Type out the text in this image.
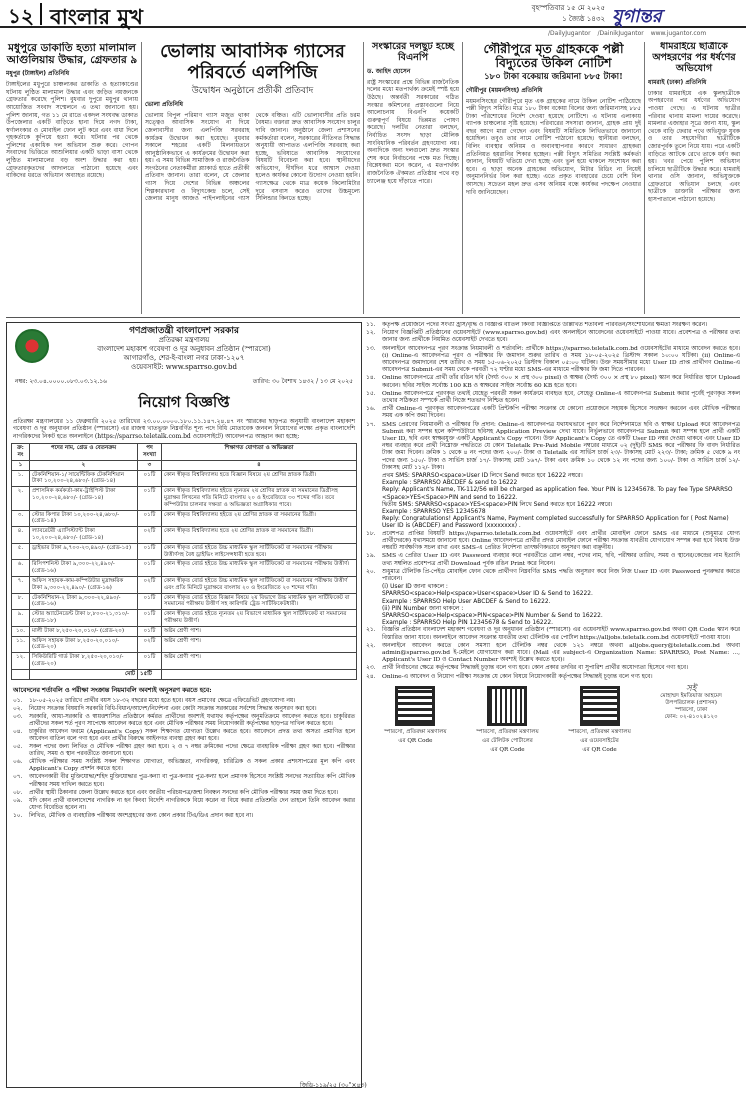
১২ বাংলার মুখ	বৃহস্পতিবার ১৫ মে ২০২৫
১ জ্যৈষ্ঠ ১৪৩২ যুগান্তর
/DailyJugantor /DainikJugantor www.jugantor.com
মধুপুরে ডাকাতি হত্যা মালামাল আগুলিয়ায় উদ্ধার, গ্রেফতার ৯
মধুপুর (টাঙ্গাইল) প্রতিনিধি
টাঙ্গাইলের মধুপুরে চাঞ্চল্যকর ডাকাতি ও হত্যাকাণ্ডের ঘটনায় লুণ্ঠিত মালামাল উদ্ধার এবং জড়িত নয়জনকে গ্রেফতার করেছে পুলিশ। বুধবার দুপুরে মধুপুর থানায় আয়োজিত সংবাদ সম্মেলনে এ তথ্য জানানো হয়। পুলিশ জানায়, গত ১১ মে রাতে একদল সংঘবদ্ধ ডাকাত উপজেলার একটি বাড়িতে হানা দিয়ে নগদ টাকা, স্বর্ণালংকার ও মোবাইল ফোন লুট করে এবং বাধা দিলে গৃহকর্তাকে কুপিয়ে হত্যা করে। ঘটনার পর থেকে পুলিশের একাধিক দল অভিযান শুরু করে। গোপন সংবাদের ভিত্তিতে আশুলিয়ার একটি ভাড়া বাসা থেকে লুণ্ঠিত মালামালের বড় অংশ উদ্ধার করা হয়। গ্রেফতারকৃতদের আদালতে পাঠানো হয়েছে এবং বাকিদের ধরতে অভিযান অব্যাহত রয়েছে।
ভোলায় আবাসিক গ্যাসের পরিবর্তে এলপিজি
উদ্বোধন অনুষ্ঠানে প্রতীকী প্রতিবাদ
ভোলা প্রতিনিধি
ভোলায় বিপুল পরিমাণ গ্যাস মজুত থাকা সত্ত্বেও আবাসিক সংযোগ না দিয়ে জেলাবাসীর জন্য এলপিজি সরবরাহ কার্যক্রম উদ্বোধন করা হয়েছে। বুধবার সকালে শহরের একটি মিলনায়তনে আনুষ্ঠানিকভাবে এ কার্যক্রমের উদ্বোধন করা হয়। এ সময় বিভিন্ন সামাজিক ও রাজনৈতিক সংগঠনের নেতাকর্মীরা প্ল্যাকার্ড হাতে প্রতীকী প্রতিবাদ জানান। তারা বলেন, যে জেলার গ্যাস দিয়ে দেশের বিভিন্ন অঞ্চলের শিল্পকারখানা ও বিদ্যুৎকেন্দ্র চলে, সেই জেলার মানুষ আজও পাইপলাইনের গ্যাস থেকে বঞ্চিত। এটি ভোলাবাসীর প্রতি চরম বৈষম্য। বক্তারা দ্রুত আবাসিক সংযোগ চালুর দাবি জানান। অনুষ্ঠানে জেলা প্রশাসনের কর্মকর্তারা বলেন, সরকারের নীতিগত সিদ্ধান্ত অনুযায়ী আপাতত এলপিজি সরবরাহ করা হচ্ছে, ভবিষ্যতে আবাসিক সংযোগের বিষয়টি বিবেচনা করা হবে। স্থানীয়দের অভিযোগ, দীর্ঘদিন ধরে আশ্বাস দেওয়া হলেও কার্যকর কোনো উদ্যোগ নেওয়া হয়নি। গ্যাসক্ষেত্র থেকে মাত্র কয়েক কিলোমিটার দূরে বসবাস করেও তাদের উচ্চমূল্যে সিলিন্ডার কিনতে হচ্ছে।
সংস্কারের দলছুট হচ্ছে বিএনপি
ড. জাহিদ হোসেন
রাষ্ট্র সংস্কারের প্রশ্নে বিভিন্ন রাজনৈতিক দলের মধ্যে মতপার্থক্য ক্রমেই স্পষ্ট হয়ে উঠছে। অন্তর্বর্তী সরকারের গঠিত সংস্কার কমিশনের প্রস্তাবগুলো নিয়ে আলোচনায় বিএনপি কয়েকটি গুরুত্বপূর্ণ বিষয়ে ভিন্নমত পোষণ করেছে। দলটির নেতারা বলছেন, নির্বাচিত সংসদ ছাড়া মৌলিক সাংবিধানিক পরিবর্তন গ্রহণযোগ্য নয়। অন্যদিকে অন্য দলগুলো দ্রুত সংস্কার শেষ করে নির্বাচনের পক্ষে মত দিচ্ছে। বিশ্লেষকরা মনে করেন, এ মতপার্থক্য রাজনৈতিক ঐকমত্য প্রতিষ্ঠার পথে বড় চ্যালেঞ্জ হয়ে দাঁড়াতে পারে।
গৌরীপুরে মৃত গ্রাহককে পল্লী বিদ্যুতের উকিল নোটিশ
১৮০ টাকা বকেয়ায় জরিমানা ৮৮৫ টাকা!
গৌরীপুর (ময়মনসিংহ) প্রতিনিধি
ময়মনসিংহের গৌরীপুরে মৃত এক গ্রাহকের নামে উকিল নোটিশ পাঠিয়েছে পল্লী বিদ্যুৎ সমিতি। মাত্র ১৮০ টাকা বকেয়া বিলের জন্য জরিমানাসহ ৮৮৫ টাকা পরিশোধের নির্দেশ দেওয়া হয়েছে নোটিশে। এ ঘটনায় এলাকায় ব্যাপক চাঞ্চল্যের সৃষ্টি হয়েছে। পরিবারের সদস্যরা জানান, গ্রাহক প্রায় দুই বছর আগে মারা গেছেন এবং বিষয়টি সমিতিকে লিখিতভাবে জানানো হয়েছিল। তবুও তার নামে নোটিশ পাঠানো হয়েছে। স্থানীয়রা বলছেন, বিলিং ব্যবস্থার অনিয়ম ও অব্যবস্থাপনার কারণে সাধারণ গ্রাহকরা প্রতিনিয়ত হয়রানির শিকার হচ্ছেন। পল্লী বিদ্যুৎ সমিতির সংশ্লিষ্ট কর্মকর্তা জানান, বিষয়টি খতিয়ে দেখা হচ্ছে এবং ভুল হয়ে থাকলে সংশোধন করা হবে। এ ছাড়া অনেক গ্রাহকের অভিযোগ, মিটার রিডিং না নিয়েই অনুমাননির্ভর বিল করা হচ্ছে। এতে প্রকৃত ব্যবহারের চেয়ে বেশি বিল আসছে। সচেতন মহল দ্রুত এসব অনিয়ম বন্ধে কার্যকর পদক্ষেপ নেওয়ার দাবি জানিয়েছেন।
ধামরাইয়ে ছাত্রীকে অপহরণের পর ধর্ষণের অভিযোগ
ধামরাই (ঢাকা) প্রতিনিধি
ঢাকার ধামরাইয়ে এক স্কুলছাত্রীকে অপহরণের পর ধর্ষণের অভিযোগ পাওয়া গেছে। এ ঘটনায় ছাত্রীর পরিবার থানায় মামলা দায়ের করেছে। মামলার এজাহার সূত্রে জানা যায়, স্কুল থেকে বাড়ি ফেরার পথে অভিযুক্ত যুবক ও তার সহযোগীরা ছাত্রীটিকে জোরপূর্বক তুলে নিয়ে যায়। পরে একটি বাড়িতে আটকে রেখে তাকে ধর্ষণ করা হয়। খবর পেয়ে পুলিশ অভিযান চালিয়ে ছাত্রীটিকে উদ্ধার করে। ধামরাই থানার ওসি জানান, অভিযুক্তকে গ্রেফতারে অভিযান চলছে এবং ছাত্রীকে ডাক্তারি পরীক্ষার জন্য হাসপাতালে পাঠানো হয়েছে।
গণপ্রজাতন্ত্রী বাংলাদেশ সরকার
প্রতিরক্ষা মন্ত্রণালয়
বাংলাদেশ মহাকাশ গবেষণা ও দূর অনুধাবন প্রতিষ্ঠান (স্পারসো)
আগারগাঁও, শের-ই-বাংলা নগর ঢাকা-১২০৭
ওয়েবসাইট: www.sparrso.gov.bd
নম্বর: ২৩.০৪.০০০০.০৮৩.০৩.১২.১৬	তারিখ: ৩০ বৈশাখ ১৪৩২ / ১৩ মে ২০২৫
নিয়োগ বিজ্ঞপ্তি
প্রতিরক্ষা মন্ত্রণালয়ের ১১ ফেব্রুয়ারি ২০২৫ তারিখের ২৩.০০.০০০০.১৮০.১১.১৪৭.২৪.৪৭ নং স্মারকের ছাড়পত্র অনুযায়ী বাংলাদেশ মহাকাশ গবেষণা ও দূর অনুধাবন প্রতিষ্ঠান (স্পারসো) এর রাজস্ব খাতভুক্ত নিম্নবর্ণিত শূন্য পদে বিধি মোতাবেক জনবল নিয়োগের লক্ষ্যে প্রকৃত বাংলাদেশি নাগরিকদের নিকট হতে অনলাইনে (https://sparrso.teletalk.com.bd ওয়েবসাইটে) আবেদনপত্র আহ্বান করা হচ্ছে:
ক্র: নং	পদের নাম, গ্রেড ও বেতনক্রম	পদ সংখ্যা	শিক্ষাগত যোগ্যতা ও অভিজ্ঞতা
১	২	৩	৪
১.	টেকনিশিয়ান-১/ সায়েন্টিফিক টেকনিশিয়ান টাকা ১০,২০০-২৪,৬৮০/- (গ্রেড-১৪)	০১টি	কোন স্বীকৃত বিশ্ববিদ্যালয় হতে বিজ্ঞান বিষয়ে ২য় শ্রেণির স্নাতক ডিগ্রী।
২.	প্রশাসনিক কর্মকর্তা-কাম-ট্রাইপিস্ট টাকা ১০,২০০-২৪,৬৮০/- (গ্রেড-১৪)	০১টি	কোন স্বীকৃত বিশ্ববিদ্যালয় হইতে ন্যূনতম ২য় শ্রেণির স্নাতক বা সমমানের ডিগ্রীসহ মুদ্রাক্ষর লিখনের গতি মিনিটে বাংলায় ২০ ও ইংরেজিতে ৩০ শব্দের গতি। তবে কম্পিউটার চালনার দক্ষতা ও অভিজ্ঞতা অগ্রাধিকার পাবে।
৩.	স্টোর কিপার টাকা ১০,২০০-২৪,৬৮০/- (গ্রেড-১৪)	০১টি	কোন স্বীকৃত বিশ্ববিদ্যালয় হইতে ২য় শ্রেণির স্নাতক বা সমমানের ডিগ্রী।
৪.	ল্যাবরেটরী এ্যাসিস্ট্যান্ট টাকা ১০,২০০-২৪,৬৮০/- (গ্রেড-১৪)	০২টি	কোন স্বীকৃত বিশ্ববিদ্যালয় হতে ২য় শ্রেণির স্নাতক বা সমমানের ডিগ্রী।
৫.	ড্রাইভার টাকা ৯,৭০০-২৩,৪৯০/- (গ্রেড-১৫)	০১টি	কোন স্বীকৃত বোর্ড হইতে উচ্চ মাধ্যমিক স্কুল সার্টিফিকেট বা সমমানের পরীক্ষায় উত্তীর্ণসহ বৈধ ড্রাইভিং লাইসেন্সধারী হতে হবে।
৬.	রিসিপশনিস্ট টাকা ৯,৩০০-২২,৪৯০/- (গ্রেড-১৬)	০১টি	কোন স্বীকৃত বোর্ড হইতে উচ্চ মাধ্যমিক স্কুল সার্টিফিকেট বা সমমানের পরীক্ষায় উত্তীর্ণ।
৭.	অফিস সহায়ক-কাম-কম্পিউটার মুদ্রাক্ষরিক টাকা ৯,৩০০-২২,৪৯০/- (গ্রেড-১৬)	০২টি	কোন স্বীকৃত বোর্ড হইতে উচ্চ মাধ্যমিক স্কুল সার্টিফিকেট বা সমমানের পরীক্ষায় উত্তীর্ণ এবং প্রতি মিনিটে মুদ্রাক্ষরে বাংলায় ২০ ও ইংরেজিতে ২০ শব্দের গতি।
৮.	টেকনিশিয়ান-২ টাকা ৯,৩০০-২২,৪৯০/- (গ্রেড-১৬)	০১টি	কোন স্বীকৃত বোর্ড হইতে বিজ্ঞান বিষয়ে ২য় বিভাগে উচ্চ মাধ্যমিক স্কুল সার্টিফিকেট বা সমমানের পরীক্ষায় উত্তীর্ণ সহ কারিগরি ট্রেড সার্টিফিকেটধারী।
৯.	স্টোর অ্যাটেনডেন্ট টাকা ৮,৮০০-২১,৩১০/- (গ্রেড-১৮)	০১টি	কোন স্বীকৃত বোর্ড হইতে ন্যূনতম ২য় বিভাগে মাধ্যমিক স্কুল সার্টিফিকেট বা সমমানের পরীক্ষায় উত্তীর্ণ।
১০.	মালী টাকা ৮,২৫০-২০,০১০/- (গ্রেড-২০)	০১টি	অষ্টম শ্রেণী পাশ।
১১.	অফিস সহায়ক টাকা ৮,২৫০-২০,০১০/- (গ্রেড-২০)	০২টি	অষ্টম শ্রেণী পাশ।
১২.	সিকিউরিটি গার্ড টাকা ৮,২৫০-২০,০১০/- (গ্রেড-২০)	০১টি	অষ্টম শ্রেণী পাশ।
	মোট	১৫টি	
আবেদনের শর্তাবলি ও পরীক্ষা সংক্রান্ত নিয়মাবলি অবশ্যই অনুসরণ করতে হবে:
০১.	১৮-০৫-২০২৫ তারিখে প্রার্থীর বয়স ১৮-৩২ বছরের মধ্যে হতে হবে। বয়স প্রমাণের ক্ষেত্রে এফিডেভিট গ্রহণযোগ্য নয়।
০২.	নিয়োগ সংক্রান্ত বিষয়াদি সরকারি বিধি-বিধান/আদেশ/নির্দেশনা এবং কোটা সংক্রান্ত সরকারের সর্বশেষ সিদ্ধান্ত অনুসরণ করা হবে।
০৩.	সরকারি, আধা-সরকারি ও স্বায়ত্তশাসিত প্রতিষ্ঠানে কর্মরত প্রার্থীদের অবশ্যই যথাযথ কর্তৃপক্ষের অনুমতিক্রমে আবেদন করতে হবে। চাকুরিরত প্রার্থীদের সকল শর্ত পূরণ সাপেক্ষে আবেদন করতে হবে এবং মৌখিক পরীক্ষার সময় নিয়োগকারী কর্তৃপক্ষের ছাড়পত্র দাখিল করতে হবে।
০৪.	চাকুরির আবেদন ফরমে (Applicant's Copy) সকল শিক্ষাগত যোগ্যতা উল্লেখ করতে হবে। আবেদনে প্রদত্ত তথ্য অসত্য প্রমাণিত হলে আবেদন বাতিল বলে গণ্য হবে এবং প্রার্থীর বিরুদ্ধে আইনগত ব্যবস্থা গ্রহণ করা হবে।
০৫.	সকল পদের জন্য লিখিত ও মৌখিক পরীক্ষা গ্রহণ করা হবে। ২ ও ৭ নম্বর ক্রমিকের পদের ক্ষেত্রে ব্যবহারিক পরীক্ষা গ্রহণ করা হবে। পরীক্ষার তারিখ, সময় ও স্থান পরবর্তীতে জানানো হবে।
০৬.	মৌখিক পরীক্ষার সময় সংশ্লিষ্ট সকল শিক্ষাগত যোগ্যতা, অভিজ্ঞতা, নাগরিকত্ব, চারিত্রিক ও সকল প্রকার প্রশংসাপত্রের মূল কপি এবং Applicant's Copy প্রদর্শন করতে হবে।
০৭.	আবেদনকারী বীর মুক্তিযোদ্ধা/শহিদ মুক্তিযোদ্ধার পুত্র-কন্যা বা পুত্র-কন্যার পুত্র-কন্যা হলে প্রমাণক হিসেবে সংশ্লিষ্ট সনদের সত্যায়িত কপি মৌখিক পরীক্ষার সময় দাখিল করতে হবে।
০৮.	প্রার্থীর স্থায়ী ঠিকানার জেলা উল্লেখ করতে হবে এবং জাতীয় পরিচয়পত্র/জন্ম নিবন্ধন সনদের কপি মৌখিক পরীক্ষার সময় জমা দিতে হবে।
০৯.	যদি কোন প্রার্থী বাংলাদেশের নাগরিক না হন কিংবা বিদেশি নাগরিককে বিয়ে করেন বা বিয়ে করার প্রতিশ্রুতি দেন তাহলে তিনি আবেদন করার যোগ্য বিবেচিত হবেন না।
১০.	লিখিত, মৌখিক ও ব্যবহারিক পরীক্ষায় অংশগ্রহণের জন্য কোন প্রকার টিএ/ডিএ প্রদান করা হবে না।
১১.	কর্তৃপক্ষ প্রয়োজনে পদের সংখ্যা হ্রাস/বৃদ্ধি ও বিজ্ঞপ্তি বাতিল কিংবা বিজ্ঞপ্তিতে উল্লিখিত শর্তাবলী পরিবর্তন/সংশোধনের ক্ষমতা সংরক্ষণ করেন।
১২.	নিয়োগ বিজ্ঞপ্তিটি প্রতিষ্ঠানের ওয়েবসাইটে (www.sparrso.gov.bd) এবং অনলাইনে আবেদনের ওয়েবসাইটে পাওয়া যাবে। প্রবেশপত্র ও পরীক্ষার তথ্য জানার জন্য প্রার্থীকে নিয়মিত ওয়েবসাইট দেখতে হবে।
১৩.	অনলাইনে আবেদনপত্র পূরণ সংক্রান্ত নিয়মাবলী ও শর্তাবলি: প্রার্থীকে https://sparrso.teletalk.com.bd ওয়েবসাইটের মাধ্যমে আবেদন করতে হবে। (i) Online-এ আবেদনপত্র পূরণ ও পরীক্ষার ফি জমাদান শুরুর তারিখ ও সময় ১৮-০৫-২০২৫ খ্রিস্টাব্দ সকাল ১০:০০ ঘটিকা। (ii) Online-এ আবেদনপত্র জমাদানের শেষ তারিখ ও সময় ১৫-০৬-২০২৫ খ্রিস্টাব্দ বিকাল ০৫:০০ ঘটিকা। উক্ত সময়সীমার মধ্যে User ID প্রাপ্ত প্রার্থীগণ Online-এ আবেদনপত্র Submit-এর সময় থেকে পরবর্তী ৭২ ঘণ্টার মধ্যে SMS-এর মাধ্যমে পরীক্ষার ফি জমা দিতে পারবেন।
১৪.	Online আবেদনপত্রে প্রার্থী তাঁর রঙিন ছবি (দৈর্ঘ্য ৩০০ × প্রস্থ ৩০০ pixel) ও স্বাক্ষর (দৈর্ঘ্য ৩০০ × প্রস্থ ৮০ pixel) স্ক্যান করে নির্ধারিত স্থানে Upload করবেন। ছবির সাইজ সর্বোচ্চ 100 KB ও স্বাক্ষরের সাইজ সর্বোচ্চ 60 KB হতে হবে।
১৫.	Online আবেদনপত্রে পূরণকৃত তথ্যই যেহেতু পরবর্তী সকল কার্যক্রমে ব্যবহৃত হবে, সেহেতু Online-এ আবেদনপত্র Submit করার পূর্বেই পূরণকৃত সকল তথ্যের সঠিকতা সম্পর্কে প্রার্থী নিজে শতভাগ নিশ্চিত হবেন।
১৬.	প্রার্থী Online-এ পূরণকৃত আবেদনপত্রের একটি প্রিন্টকপি পরীক্ষা সংক্রান্ত যে কোনো প্রয়োজনে সহায়ক হিসেবে সংরক্ষণ করবেন এবং মৌখিক পরীক্ষার সময় এক কপি জমা দিবেন।
১৭.	SMS প্রেরণের নিয়মাবলী ও পরীক্ষার ফি প্রদান: Online-এ আবেদনপত্র যথাযথভাবে পূরণ করে নির্দেশনামতে ছবি ও স্বাক্ষর Upload করে আবেদনপত্র Submit করা সম্পন্ন হলে কম্পিউটারে ছবিসহ Application Preview দেখা যাবে। নির্ভুলভাবে আবেদনপত্র Submit করা সম্পন্ন হলে প্রার্থী একটি User ID, ছবি এবং স্বাক্ষরযুক্ত একটি Applicant's Copy পাবেন। উক্ত Applicant's Copy তে একটি User ID নম্বর দেওয়া থাকবে এবং User ID নম্বর ব্যবহার করে প্রার্থী নিম্নোক্ত পদ্ধতিতে যে কোন Teletalk Pre-Paid Mobile নম্বরের মাধ্যমে ০২ (দুই)টি SMS করে পরীক্ষার ফি বাবদ নির্ধারিত টাকা জমা দিবেন। ক্রমিক ১ থেকে ৪ নং পদের জন্য ২০০/- টাকা ও Teletalk এর সার্ভিস চার্জ ২৩/- টাকাসহ মোট ২২৩/- টাকা; ক্রমিক ৫ থেকে ৯ নং পদের জন্য ১৫০/- টাকা ও সার্ভিস চার্জ ১৭/- টাকাসহ মোট ১৬৭/- টাকা এবং ক্রমিক ১০ থেকে ১২ নং পদের জন্য ১০০/- টাকা ও সার্ভিস চার্জ ১২/- টাকাসহ মোট ১১২/- টাকা।
প্রথম SMS: SPARRSO<space>User ID লিখে Send করতে হবে 16222 নম্বরে।
Example : SPARRSO ABCDEF & send to 16222
Reply: Applicant's Name, TK-112/56 will be charged as application fee. Your PIN is 12345678. To pay fee Type SPARRSO <Space>YES<Space>PIN and send to 16222.
দ্বিতীয় SMS: SPARRSO<space>YES<space>PIN লিখে Send করতে হবে 16222 নম্বরে।
Example : SPARRSO YES 12345678
Reply: Congratulations! Applicant's Name, Payment completed successfully for SPARRSO Application for ( Post Name) User ID is (ABCDEF) and Password (xxxxxxxx) .
১৮.	প্রবেশপত্র প্রাপ্তির বিষয়টি https://sparrso.teletalk.com.bd ওয়েবসাইটে এবং প্রার্থীর মোবাইল ফোনে SMS এর মাধ্যমে (শুধুমাত্র যোগ্য প্রার্থীদেরকে) যথাসময়ে জানানো হবে। Online আবেদনপত্রে প্রার্থীর প্রদত্ত মোবাইল ফোনে পরীক্ষা সংক্রান্ত যাবতীয় যোগাযোগ সম্পন্ন করা হবে বিধায় উক্ত নম্বরটি সার্বক্ষণিক সচল রাখা এবং SMS-এ প্রেরিত নির্দেশনা তাৎক্ষণিকভাবে অনুসরণ করা বাঞ্ছনীয়।
১৯.	SMS এ প্রেরিত User ID এবং Password ব্যবহার করে পরবর্তীতে রোল নম্বর, পদের নাম, ছবি, পরীক্ষার তারিখ, সময় ও স্থানের/কেন্দ্রের নাম ইত্যাদি তথ্য সম্বলিত প্রবেশপত্র প্রার্থী Download পূর্বক রঙিন Print করে নিবেন।
২০.	শুধুমাত্র টেলিটক প্রি-পেইড মোবাইল ফোন থেকে প্রার্থীগণ নিম্নবর্ণিত SMS পদ্ধতি অনুসরণ করে নিজ নিজ User ID এবং Password পুনরুদ্ধার করতে পারবেন।
(i) User ID জানা থাকলে :
SPARRSO<space>Help<space>User<space>User ID & Send to 16222.
Example : SPARRSO Help User ABCDEF & Send to 16222.
(ii) PIN Number জানা থাকলে :
SPARRSO<space>Help<space>PIN<space>PIN Number & Send to 16222.
Example : SPARRSO Help PIN 12345678 & Send to 16222.
২১.	বিজ্ঞপ্তি প্রতিষ্ঠান বাংলাদেশ মহাকাশ গবেষণা ও দূর অনুধাবন প্রতিষ্ঠান (স্পারসো) এর ওয়েবসাইট www.sparrso.gov.bd অথবা QR Code স্ক্যান করে বিস্তারিত জানা যাবে। অনলাইনে আবেদন সংক্রান্ত যাবতীয় তথ্য টেলিটক এর পোর্টাল https://alljobs.teletalk.com.bd ওয়েবসাইটে পাওয়া যাবে।
২২.	অনলাইনে আবেদন করতে কোন সমস্যা হলে টেলিটক নম্বর থেকে ১২১ নম্বরে অথবা alljobs.query@teletalk.com.bd অথবা admin@sparrso.gov.bd ই-মেইলে যোগাযোগ করা যাবে। (Mail এর subject-এ Organization Name: SPARRSO, Post Name: ..., Applicant's User ID ও Contact Number অবশ্যই উল্লেখ করতে হবে)।
২৩.	প্রার্থী নির্বাচনের ক্ষেত্রে কর্তৃপক্ষের সিদ্ধান্তই চূড়ান্ত বলে গণ্য হবে। কোন প্রকার তদবির বা সুপারিশ প্রার্থীর অযোগ্যতা হিসেবে গণ্য হবে।
২৪.	Online-এ আবেদন ও নিয়োগ পরীক্ষা সংক্রান্ত যে কোন বিষয়ে নিয়োগকারী কর্তৃপক্ষের সিদ্ধান্তই চূড়ান্ত বলে গণ্য হবে।
স্পারসো, প্রতিরক্ষা মন্ত্রণালয়
এর QR Code
স্পারসো, প্রতিরক্ষা মন্ত্রণালয়
এর টেলিটক পোর্টালের
এর QR Code
স্পারসো, প্রতিরক্ষা মন্ত্রণালয়
এর ওয়েবসাইটের
এর QR Code
সই
মোহাম্মদ ইমতিয়াজ আহমেদ
উপপরিচালক (প্রশাসন)
স্পারসো, ঢাকা
ফোন: ০২-৪১০২৪১২০
জিডি-১১৯/২৫ (৩০"×৪৩)
